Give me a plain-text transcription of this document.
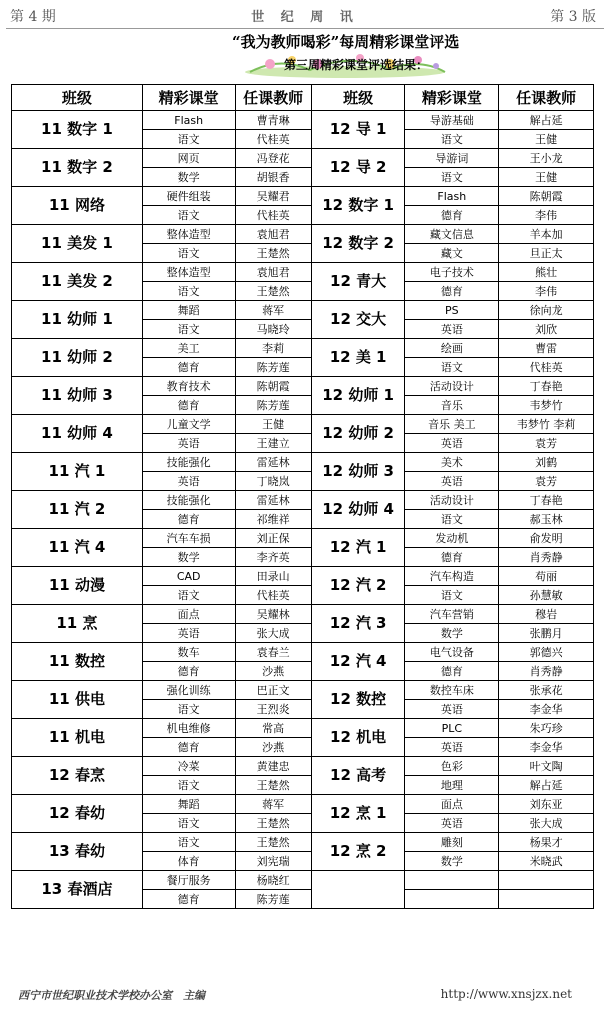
第 4 期	世 纪 周 讯	第 3 版
“我为教师喝彩”每周精彩课堂评选
第三周精彩课堂评选结果：
班级	精彩课堂	任课教师	班级	精彩课堂	任课教师
11 数字 1	Flash	曹青琳	12 导 1	导游基础	解占延
	语文	代桂英		语文	王健
11 数字 2	网页	冯登花	12 导 2	导游词	王小龙
	数学	胡银香		语文	王健
11 网络	硬件组装	吴耀君	12 数字 1	Flash	陈朝霞
	语文	代桂英		德育	李伟
11 美发 1	整体造型	袁旭君	12 数字 2	藏文信息	羊本加
	语文	王楚然		藏文	旦正太
11 美发 2	整体造型	袁旭君	12 青大	电子技术	熊壮
	语文	王楚然		德育	李伟
11 幼师 1	舞蹈	蒋军	12 交大	PS	徐向龙
	语文	马晓玲		英语	刘欣
11 幼师 2	美工	李莉	12 美 1	绘画	曹雷
	德育	陈芳莲		语文	代桂英
11 幼师 3	教育技术	陈朝霞	12 幼师 1	活动设计	丁春艳
	德育	陈芳莲		音乐	韦梦竹
11 幼师 4	儿童文学	王健	12 幼师 2	音乐 美工	韦梦竹 李莉
	英语	王建立		英语	袁芳
11 汽 1	技能强化	雷延林	12 幼师 3	美术	刘鹤
	英语	丁晓岚		英语	袁芳
11 汽 2	技能强化	雷延林	12 幼师 4	活动设计	丁春艳
	德育	祁维祥		语文	郝玉林
11 汽 4	汽车车损	刘正保	12 汽 1	发动机	俞发明
	数学	李齐英		德育	肖秀静
11 动漫	CAD	田录山	12 汽 2	汽车构造	苟丽
	语文	代桂英		语文	孙慧敏
11 烹	面点	吴耀林	12 汽 3	汽车营销	穆岩
	英语	张大成		数学	张鹏月
11 数控	数车	袁春兰	12 汽 4	电气设备	郭德兴
	德育	沙燕		德育	肖秀静
11 供电	强化训练	巴正文	12 数控	数控车床	张承花
	语文	王烈炎		英语	李金华
11 机电	机电维修	常高	12 机电	PLC	朱巧珍
	德育	沙燕		英语	李金华
12 春烹	冷菜	黄建忠	12 高考	色彩	叶文陶
	语文	王楚然		地理	解占延
12 春幼	舞蹈	蒋军	12 烹 1	面点	刘东亚
	语文	王楚然		英语	张大成
13 春幼	语文	王楚然	12 烹 2	雕刻	杨果才
	体育	刘宪瑞		数学	米晓武
13 春酒店	餐厅服务	杨晓红			
	德育	陈芳莲			
西宁市世纪职业技术学校办公室　主编	http://www.xnsjzx.net
